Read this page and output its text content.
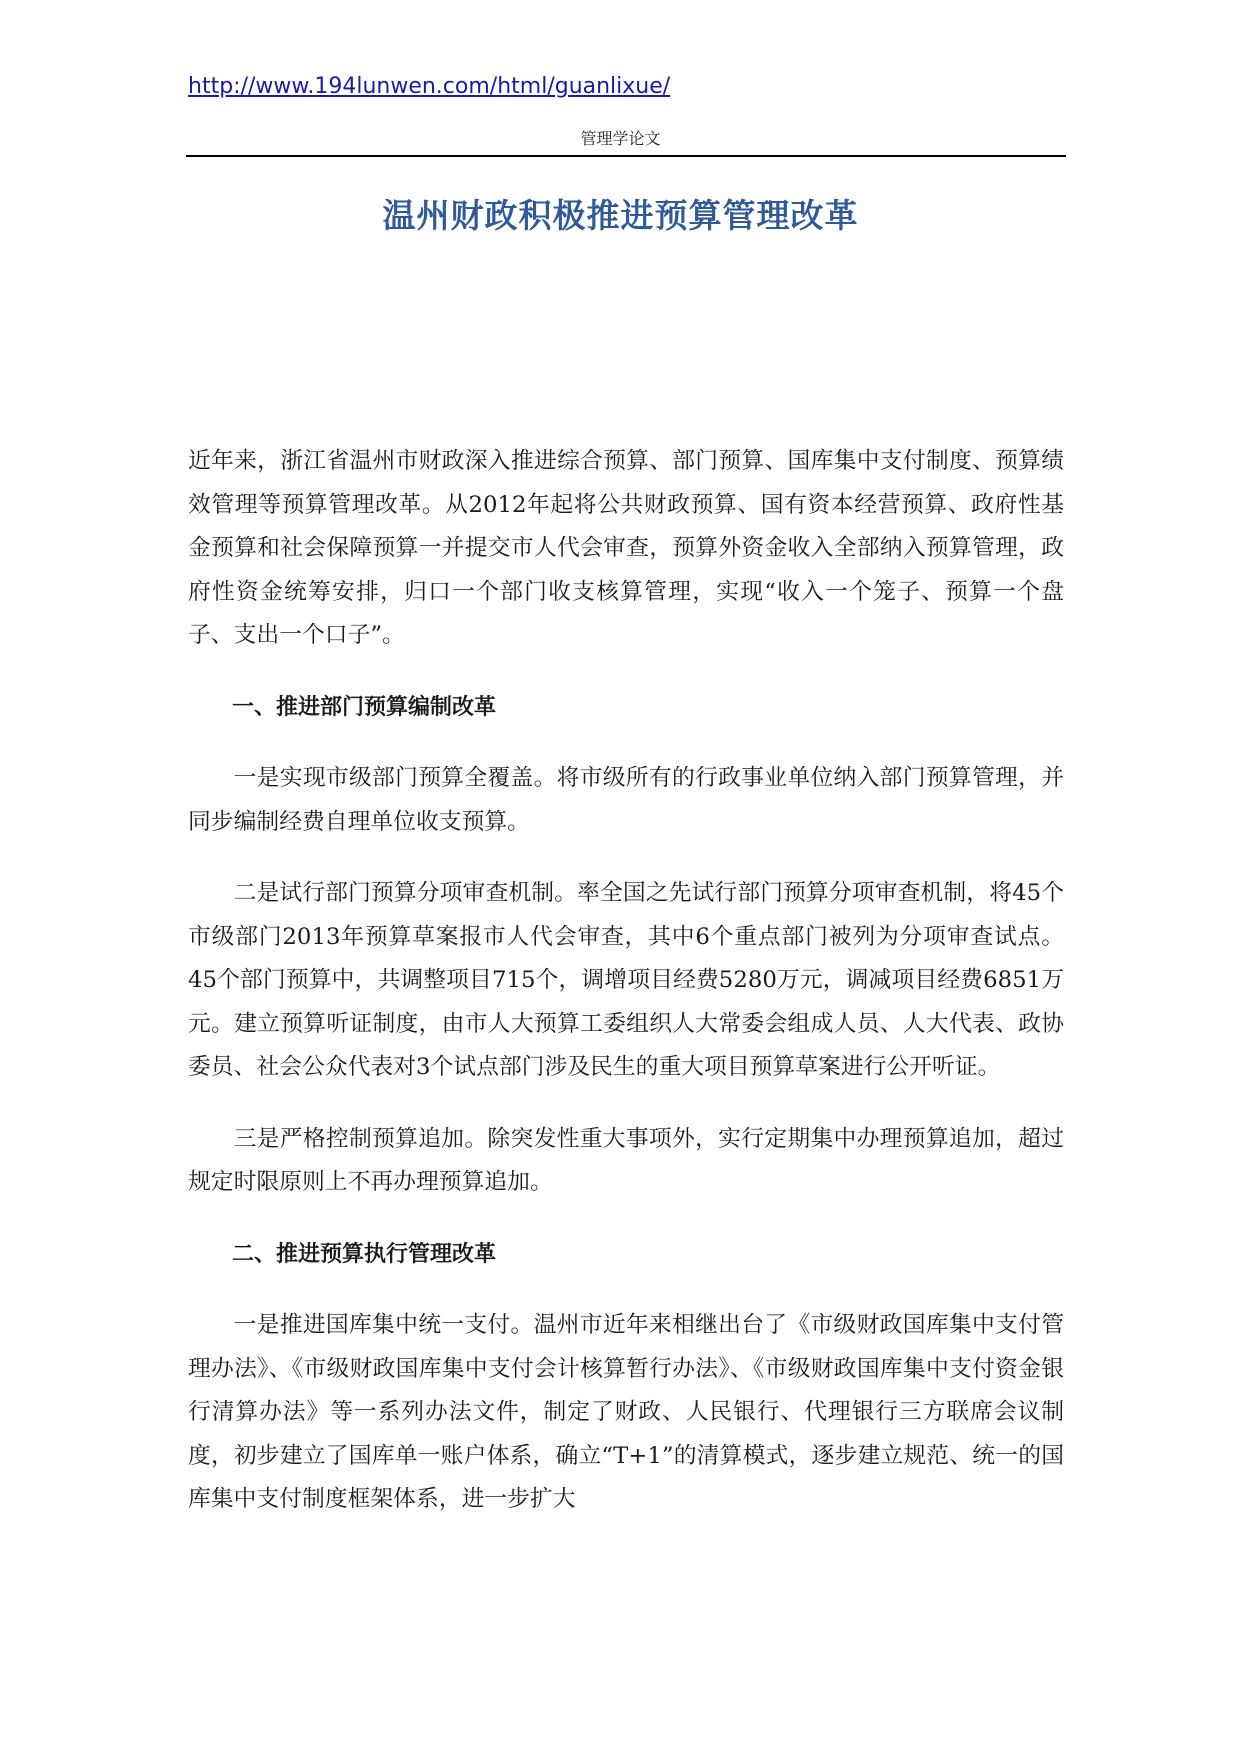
http://www.194lunwen.com/html/guanlixue/
管理学论文
温州财政积极推进预算管理改革

近年来，浙江省温州市财政深入推进综合预算、部门预算、国库集中支付制度、预算绩效管理等预算管理改革。从2012年起将公共财政预算、国有资本经营预算、政府性基金预算和社会保障预算一并提交市人代会审查，预算外资金收入全部纳入预算管理，政府性资金统筹安排，归口一个部门收支核算管理，实现“收入一个笼子、预算一个盘子、支出一个口子”。

一、推进部门预算编制改革

一是实现市级部门预算全覆盖。将市级所有的行政事业单位纳入部门预算管理，并同步编制经费自理单位收支预算。

二是试行部门预算分项审查机制。率全国之先试行部门预算分项审查机制，将45个市级部门2013年预算草案报市人代会审查，其中6个重点部门被列为分项审查试点。45个部门预算中，共调整项目715个，调增项目经费5280万元，调减项目经费6851万元。建立预算听证制度，由市人大预算工委组织人大常委会组成人员、人大代表、政协委员、社会公众代表对3个试点部门涉及民生的重大项目预算草案进行公开听证。

三是严格控制预算追加。除突发性重大事项外，实行定期集中办理预算追加，超过规定时限原则上不再办理预算追加。

二、推进预算执行管理改革

一是推进国库集中统一支付。温州市近年来相继出台了《市级财政国库集中支付管理办法》、《市级财政国库集中支付会计核算暂行办法》、《市级财政国库集中支付资金银行清算办法》等一系列办法文件，制定了财政、人民银行、代理银行三方联席会议制度，初步建立了国库单一账户体系，确立“T+1”的清算模式，逐步建立规范、统一的国库集中支付制度框架体系，进一步扩大
